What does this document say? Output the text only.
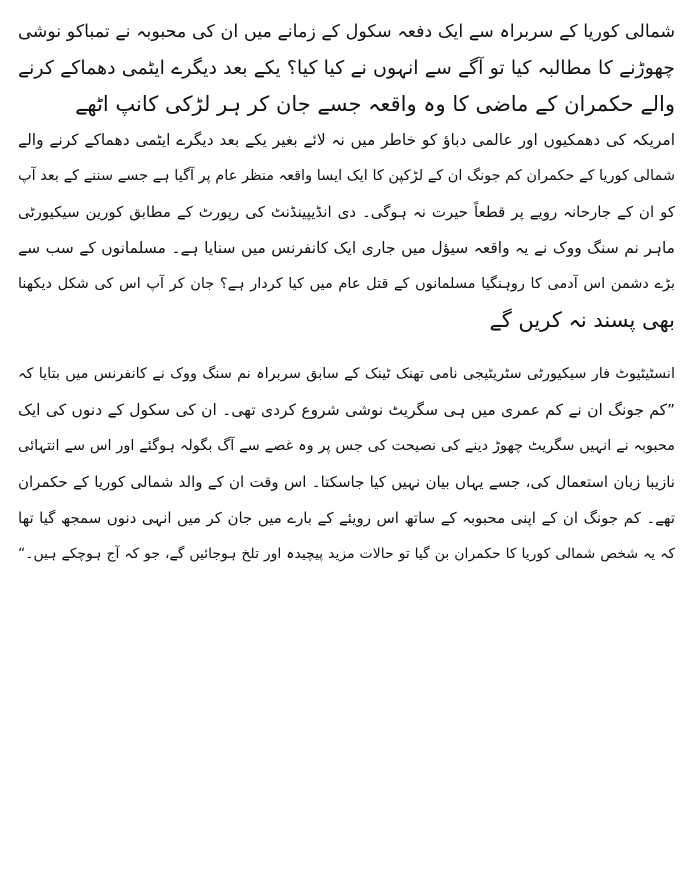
شمالی کوریا کے سربراہ سے ایک دفعہ سکول کے زمانے میں ان کی محبوبہ نے تمباکو نوشی

چھوڑنے کا مطالبہ کیا تو آگے سے انہوں نے کیا کیا؟ یکے بعد دیگرے ایٹمی دھماکے کرنے

والے حکمران کے ماضی کا وہ واقعہ جسے جان کر ہر لڑکی کانپ اٹھے

امریکہ کی دھمکیوں اور عالمی دباؤ کو خاطر میں نہ لائے بغیر یکے بعد دیگرے ایٹمی دھماکے کرنے والے

شمالی کوریا کے حکمران کم جونگ ان کے لڑکپن کا ایک ایسا واقعہ منظر عام پر آگیا ہے جسے سننے کے بعد آپ

کو ان کے جارحانہ رویے پر قطعاً حیرت نہ ہوگی۔ دی انڈیپینڈنٹ کی رپورٹ کے مطابق کورین سیکیورٹی

ماہر نم سنگ ووک نے یہ واقعہ سیؤل میں جاری ایک کانفرنس میں سنایا ہے۔ مسلمانوں کے سب سے

بڑے دشمن اس آدمی کا روہنگیا مسلمانوں کے قتل عام میں کیا کردار ہے؟ جان کر آپ اس کی شکل دیکھنا

بھی پسند نہ کریں گے

انسٹیٹیوٹ فار سیکیورٹی سٹریٹیجی نامی تھنک ٹینک کے سابق سربراہ نم سنگ ووک نے کانفرنس میں بتایا کہ

”کم جونگ ان نے کم عمری میں ہی سگریٹ نوشی شروع کردی تھی۔ ان کی سکول کے دنوں کی ایک

محبوبہ نے انہیں سگریٹ چھوڑ دینے کی نصیحت کی جس پر وہ غصے سے آگ بگولہ ہوگئے اور اس سے انتہائی

نازیبا زبان استعمال کی، جسے یہاں بیان نہیں کیا جاسکتا۔ اس وقت ان کے والد شمالی کوریا کے حکمران

تھے۔ کم جونگ ان کے اپنی محبوبہ کے ساتھ اس رویئے کے بارے میں جان کر میں انہی دنوں سمجھ گیا تھا

کہ یہ شخص شمالی کوریا کا حکمران بن گیا تو حالات مزید پیچیدہ اور تلخ ہوجائیں گے، جو کہ آج ہوچکے ہیں۔“
